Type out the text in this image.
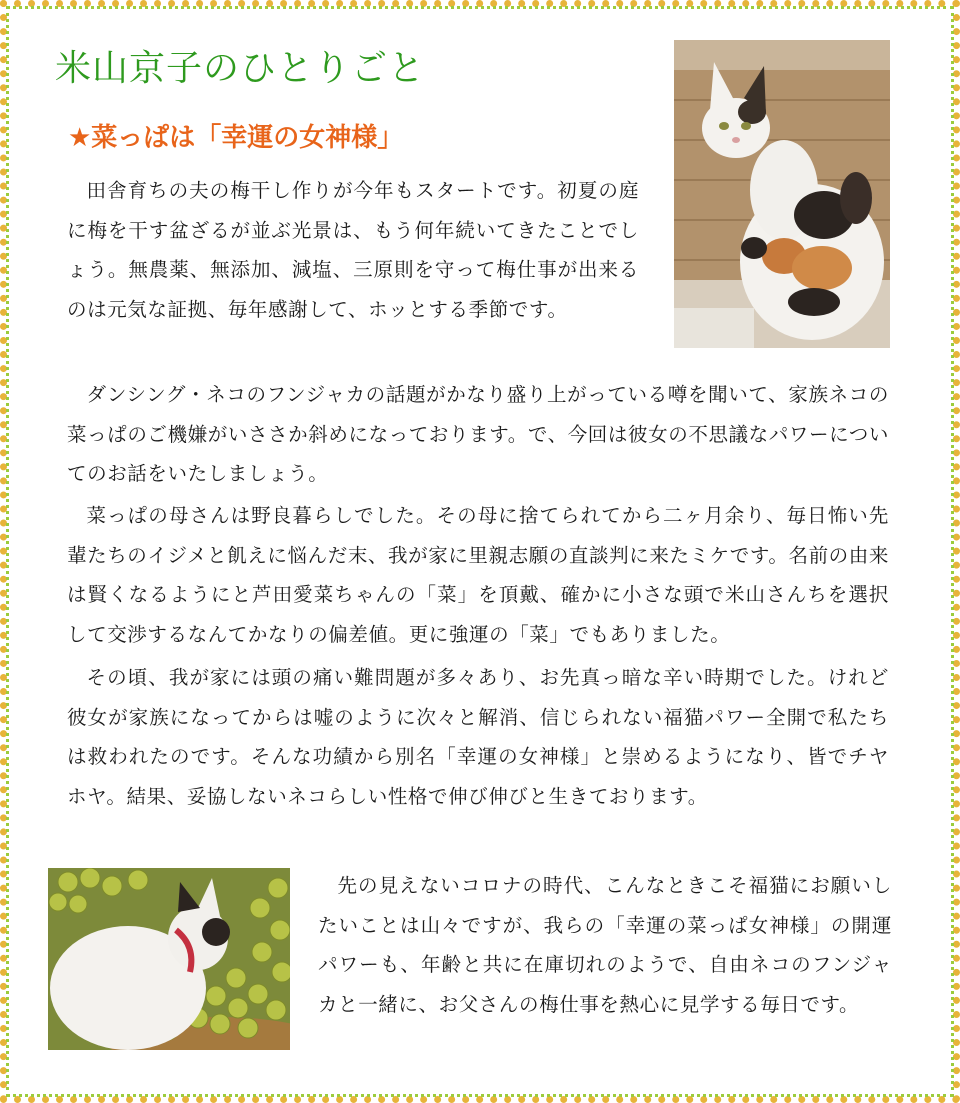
米山京子のひとりごと
★菜っぱは「幸運の女神様」

田舎育ちの夫の梅干し作りが今年もスタートです。初夏の庭に梅を干す盆ざるが並ぶ光景は、もう何年続いてきたことでしょう。無農薬、無添加、減塩、三原則を守って梅仕事が出来るのは元気な証拠、毎年感謝して、ホッとする季節です。

ダンシング・ネコのフンジャカの話題がかなり盛り上がっている噂を聞いて、家族ネコの菜っぱのご機嫌がいささか斜めになっております。で、今回は彼女の不思議なパワーについてのお話をいたしましょう。

菜っぱの母さんは野良暮らしでした。その母に捨てられてから二ヶ月余り、毎日怖い先輩たちのイジメと飢えに悩んだ末、我が家に里親志願の直談判に来たミケです。名前の由来は賢くなるようにと芦田愛菜ちゃんの「菜」を頂戴、確かに小さな頭で米山さんちを選択して交渉するなんてかなりの偏差値。更に強運の「菜」でもありました。

その頃、我が家には頭の痛い難問題が多々あり、お先真っ暗な辛い時期でした。けれど彼女が家族になってからは嘘のように次々と解消、信じられない福猫パワー全開で私たちは救われたのです。そんな功績から別名「幸運の女神様」と崇めるようになり、皆でチヤホヤ。結果、妥協しないネコらしい性格で伸び伸びと生きております。

先の見えないコロナの時代、こんなときこそ福猫にお願いしたいことは山々ですが、我らの「幸運の菜っぱ女神様」の開運パワーも、年齢と共に在庫切れのようで、自由ネコのフンジャカと一緒に、お父さんの梅仕事を熱心に見学する毎日です。
